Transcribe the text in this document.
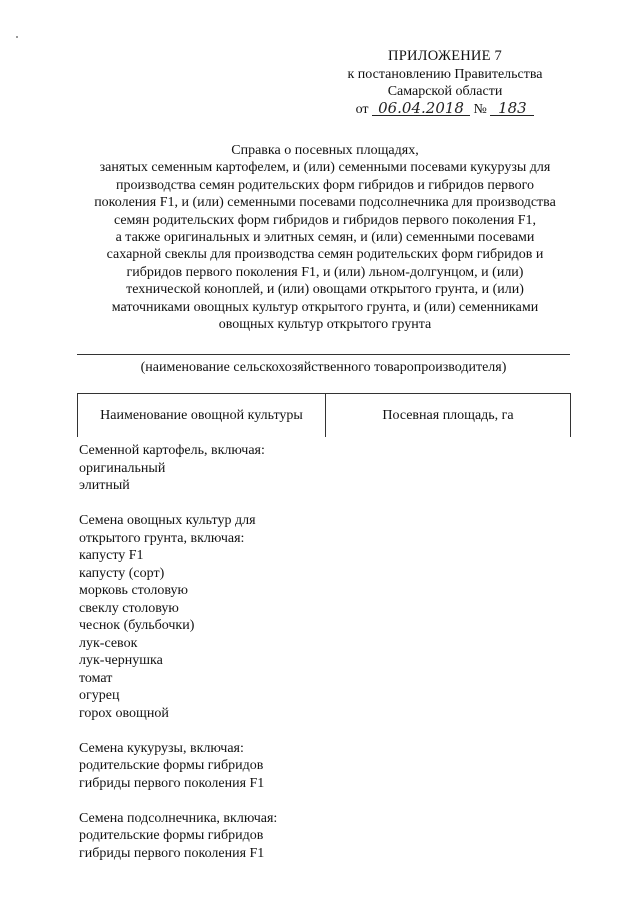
ПРИЛОЖЕНИЕ 7
к постановлению Правительства
Самарской области
от 06.04.2018 № 183
Справка о посевных площадях,
занятых семенным картофелем, и (или) семенными посевами кукурузы для
производства семян родительских форм гибридов и гибридов первого
поколения F1, и (или) семенными посевами подсолнечника для производства
семян родительских форм гибридов и гибридов первого поколения F1,
а также оригинальных и элитных семян, и (или) семенными посевами
сахарной свеклы для производства семян родительских форм гибридов и
гибридов первого поколения F1, и (или) льном-долгунцом, и (или)
технической коноплей, и (или) овощами открытого грунта, и (или)
маточниками овощных культур открытого грунта, и (или) семенниками
овощных культур открытого грунта
(наименование сельскохозяйственного товаропроизводителя)
Наименование овощной культуры	Посевная площадь, га
Семенной картофель, включая:
оригинальный
элитный
Семена овощных культур для
открытого грунта, включая:
капусту F1
капусту (сорт)
морковь столовую
свеклу столовую
чеснок (бульбочки)
лук-севок
лук-чернушка
томат
огурец
горох овощной
Семена кукурузы, включая:
родительские формы гибридов
гибриды первого поколения F1
Семена подсолнечника, включая:
родительские формы гибридов
гибриды первого поколения F1
